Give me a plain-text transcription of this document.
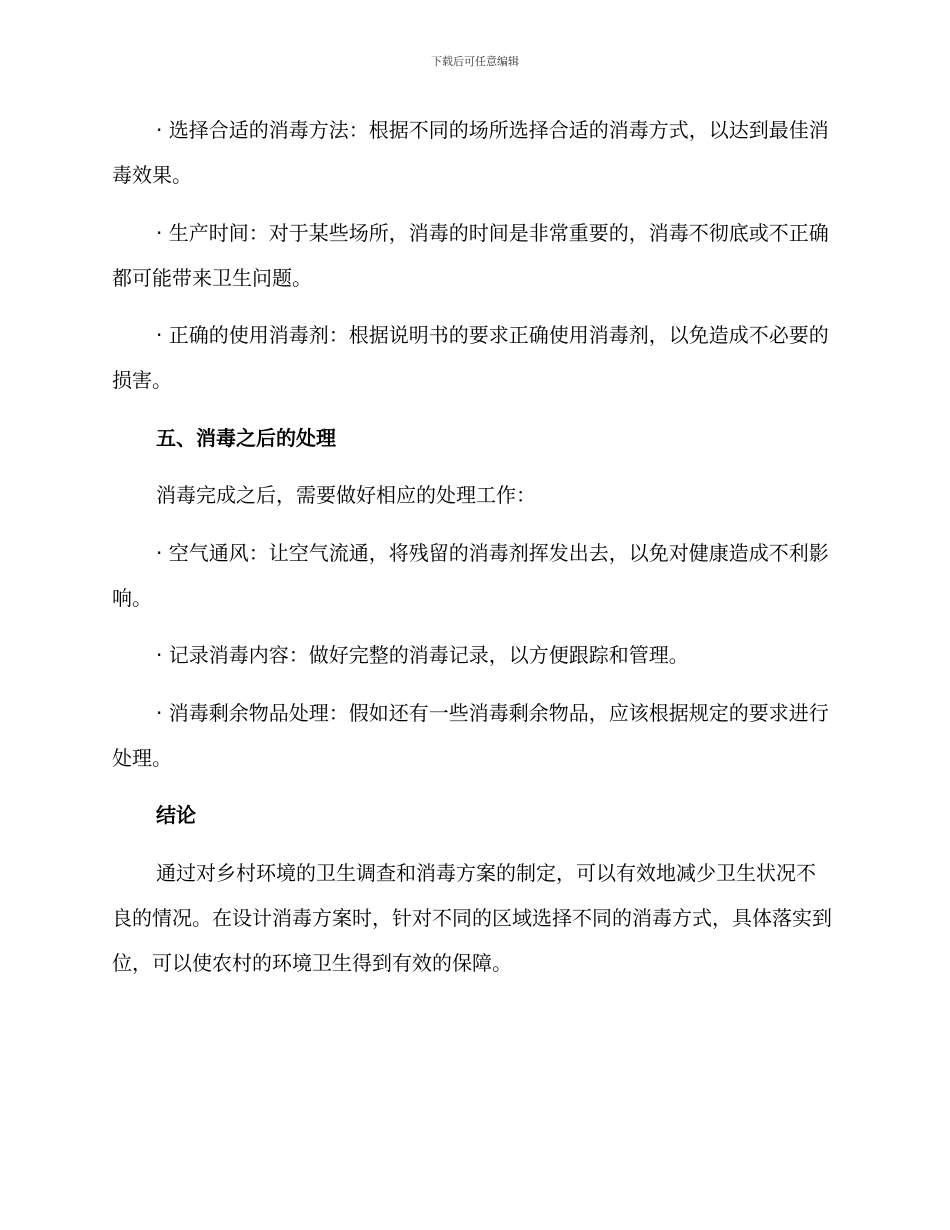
下载后可任意编辑

· 选择合适的消毒方法：根据不同的场所选择合适的消毒方式，以达到最佳消毒效果。

· 生产时间：对于某些场所，消毒的时间是非常重要的，消毒不彻底或不正确都可能带来卫生问题。

· 正确的使用消毒剂：根据说明书的要求正确使用消毒剂，以免造成不必要的损害。

五、消毒之后的处理

消毒完成之后，需要做好相应的处理工作：

· 空气通风：让空气流通，将残留的消毒剂挥发出去，以免对健康造成不利影响。

· 记录消毒内容：做好完整的消毒记录，以方便跟踪和管理。

· 消毒剩余物品处理：假如还有一些消毒剩余物品，应该根据规定的要求进行处理。

结论

通过对乡村环境的卫生调查和消毒方案的制定，可以有效地减少卫生状况不良的情况。在设计消毒方案时，针对不同的区域选择不同的消毒方式，具体落实到位，可以使农村的环境卫生得到有效的保障。
